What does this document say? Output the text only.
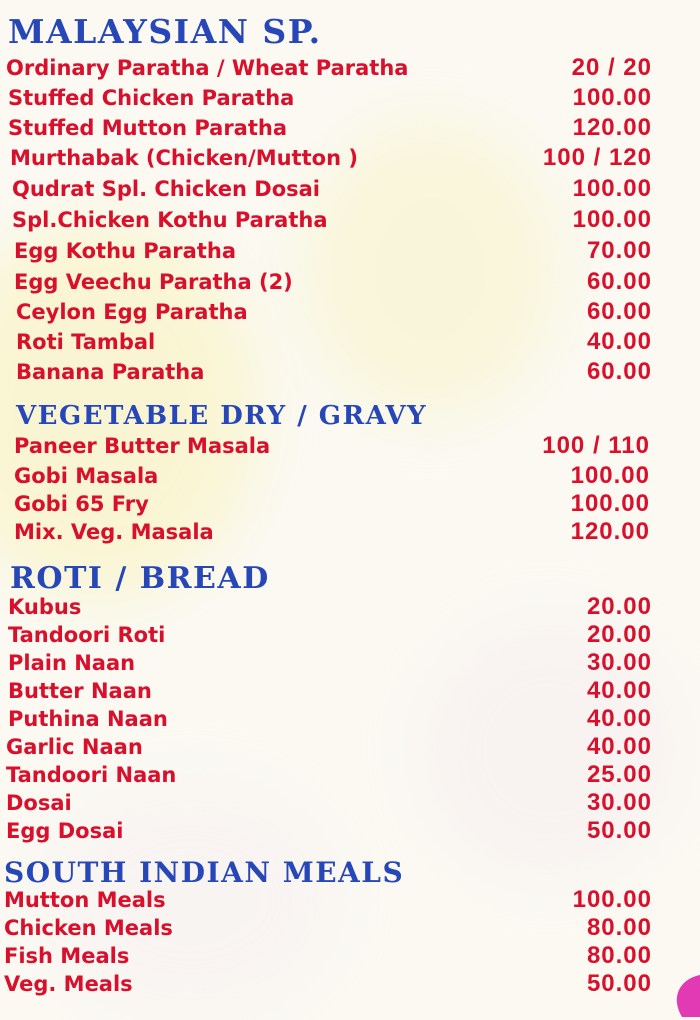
MALAYSIAN SP.
Ordinary Paratha / Wheat Paratha	20 / 20
Stuffed Chicken Paratha	100.00
Stuffed Mutton Paratha	120.00
Murthabak (Chicken/Mutton )	100 / 120
Qudrat Spl. Chicken Dosai	100.00
Spl.Chicken Kothu Paratha	100.00
Egg Kothu Paratha	70.00
Egg Veechu Paratha (2)	60.00
Ceylon Egg Paratha	60.00
Roti Tambal	40.00
Banana Paratha	60.00
VEGETABLE DRY / GRAVY
Paneer Butter Masala	100 / 110
Gobi Masala	100.00
Gobi 65 Fry	100.00
Mix. Veg. Masala	120.00
ROTI / BREAD
Kubus	20.00
Tandoori Roti	20.00
Plain Naan	30.00
Butter Naan	40.00
Puthina Naan	40.00
Garlic Naan	40.00
Tandoori Naan	25.00
Dosai	30.00
Egg Dosai	50.00
SOUTH INDIAN MEALS
Mutton Meals	100.00
Chicken Meals	80.00
Fish Meals	80.00
Veg. Meals	50.00
